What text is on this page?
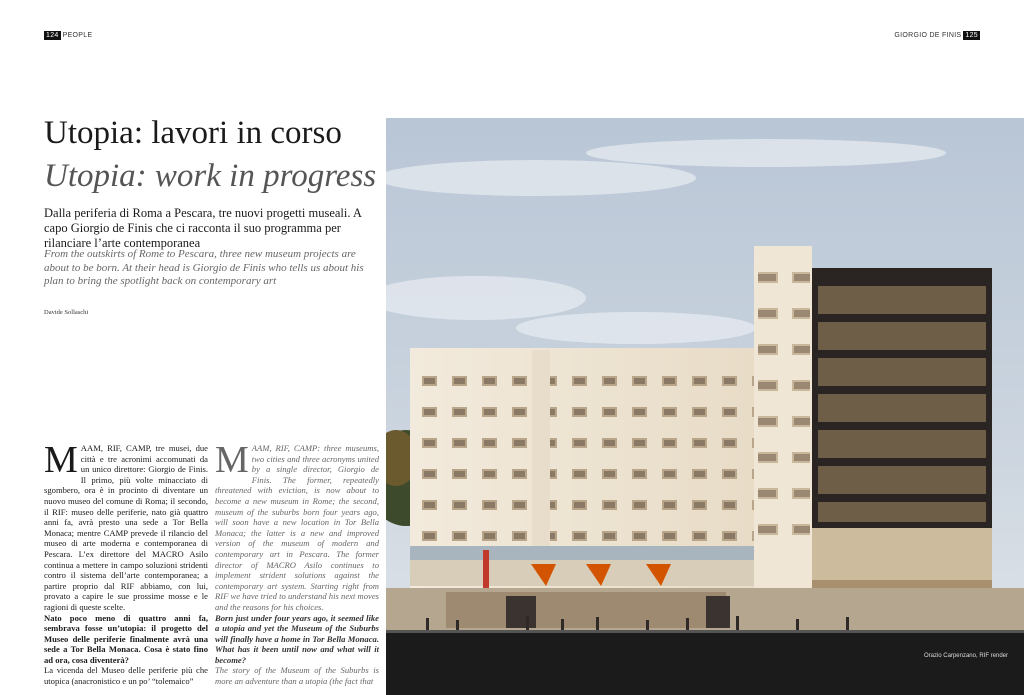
124 PEOPLE	GIORGIO DE FINIS 125
Utopia: lavori in corso
Utopia: work in progress
Dalla periferia di Roma a Pescara, tre nuovi progetti museali. A capo Giorgio de Finis che ci racconta il suo programma per rilanciare l’arte contemporanea
From the outskirts of Rome to Pescara, three new museum projects are about to be born. At their head is Giorgio de Finis who tells us about his plan to bring the spotlight back on contemporary art
Davide Sollaschi

MAAM, RIF, CAMP, tre musei, due città e tre acronimi accomunati da un unico direttore: Giorgio de Finis. Il primo, più volte minacciato di sgombero, ora è in procinto di diventare un nuovo museo del comune di Roma; il secondo, il RIF: museo delle periferie, nato già quattro anni fa, avrà presto una sede a Tor Bella Monaca; mentre CAMP prevede il rilancio del museo di arte moderna e contemporanea di Pescara. L’ex direttore del MACRO Asilo continua a mettere in campo soluzioni stridenti contro il sistema dell’arte contemporanea; a partire proprio dal RIF abbiamo, con lui, provato a capire le sue prossime mosse e le ragioni di queste scelte.

Nato poco meno di quattro anni fa, sembrava fosse un’utopia: il progetto del Museo delle periferie finalmente avrà una sede a Tor Bella Monaca. Cosa è stato fino ad ora, cosa diventerà?

La vicenda del Museo delle periferie più che utopica (anacronistico e un po’ “tolemaico”

MAAM, RIF, CAMP: three museums, two cities and three acronyms united by a single director, Giorgio de Finis. The former, repeatedly threatened with eviction, is now about to become a new museum in Rome; the second, museum of the suburbs born four years ago, will soon have a new location in Tor Bella Monaca; the latter is a new and improved version of the museum of modern and contemporary art in Pescara. The former director of MACRO Asilo continues to implement strident solutions against the contemporary art system. Starting right from RIF we have tried to understand his next moves and the reasons for his choices.

Born just under four years ago, it seemed like a utopia and yet the Museum of the Suburbs will finally have a home in Tor Bella Monaca. What has it been until now and what will it become?

The story of the Museum of the Suburbs is more an adventure than a utopia (the fact that

Orazio Carpenzano, RIF render
